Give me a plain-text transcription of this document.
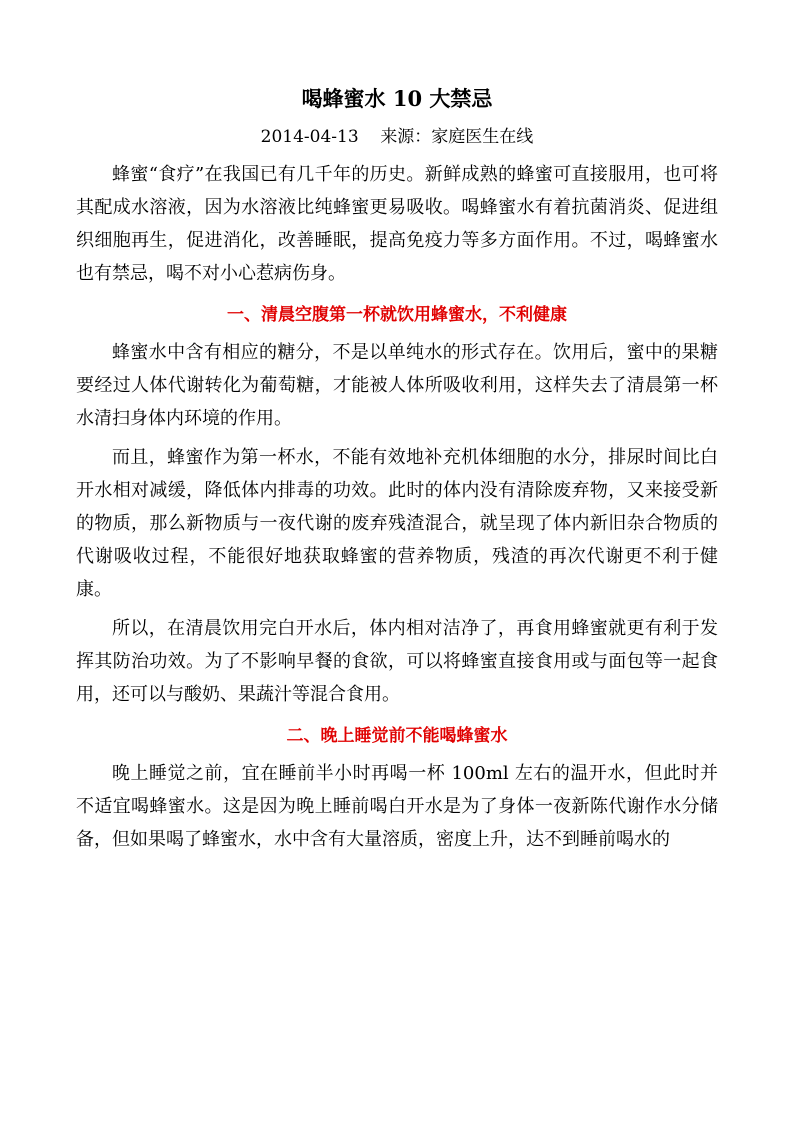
喝蜂蜜水 10 大禁忌
2014-04-13 来源：家庭医生在线

蜂蜜“食疗”在我国已有几千年的历史。新鲜成熟的蜂蜜可直接服用，也可将其配成水溶液，因为水溶液比纯蜂蜜更易吸收。喝蜂蜜水有着抗菌消炎、促进组织细胞再生，促进消化，改善睡眠，提高免疫力等多方面作用。不过，喝蜂蜜水也有禁忌，喝不对小心惹病伤身。

一、清晨空腹第一杯就饮用蜂蜜水，不利健康

蜂蜜水中含有相应的糖分，不是以单纯水的形式存在。饮用后，蜜中的果糖要经过人体代谢转化为葡萄糖，才能被人体所吸收利用，这样失去了清晨第一杯水清扫身体内环境的作用。

而且，蜂蜜作为第一杯水，不能有效地补充机体细胞的水分，排尿时间比白开水相对减缓，降低体内排毒的功效。此时的体内没有清除废弃物，又来接受新的物质，那么新物质与一夜代谢的废弃残渣混合，就呈现了体内新旧杂合物质的代谢吸收过程，不能很好地获取蜂蜜的营养物质，残渣的再次代谢更不利于健康。

所以，在清晨饮用完白开水后，体内相对洁净了，再食用蜂蜜就更有利于发挥其防治功效。为了不影响早餐的食欲，可以将蜂蜜直接食用或与面包等一起食用，还可以与酸奶、果蔬汁等混合食用。

二、晚上睡觉前不能喝蜂蜜水

晚上睡觉之前，宜在睡前半小时再喝一杯 100ml 左右的温开水，但此时并不适宜喝蜂蜜水。这是因为晚上睡前喝白开水是为了身体一夜新陈代谢作水分储备，但如果喝了蜂蜜水，水中含有大量溶质，密度上升，达不到睡前喝水的
